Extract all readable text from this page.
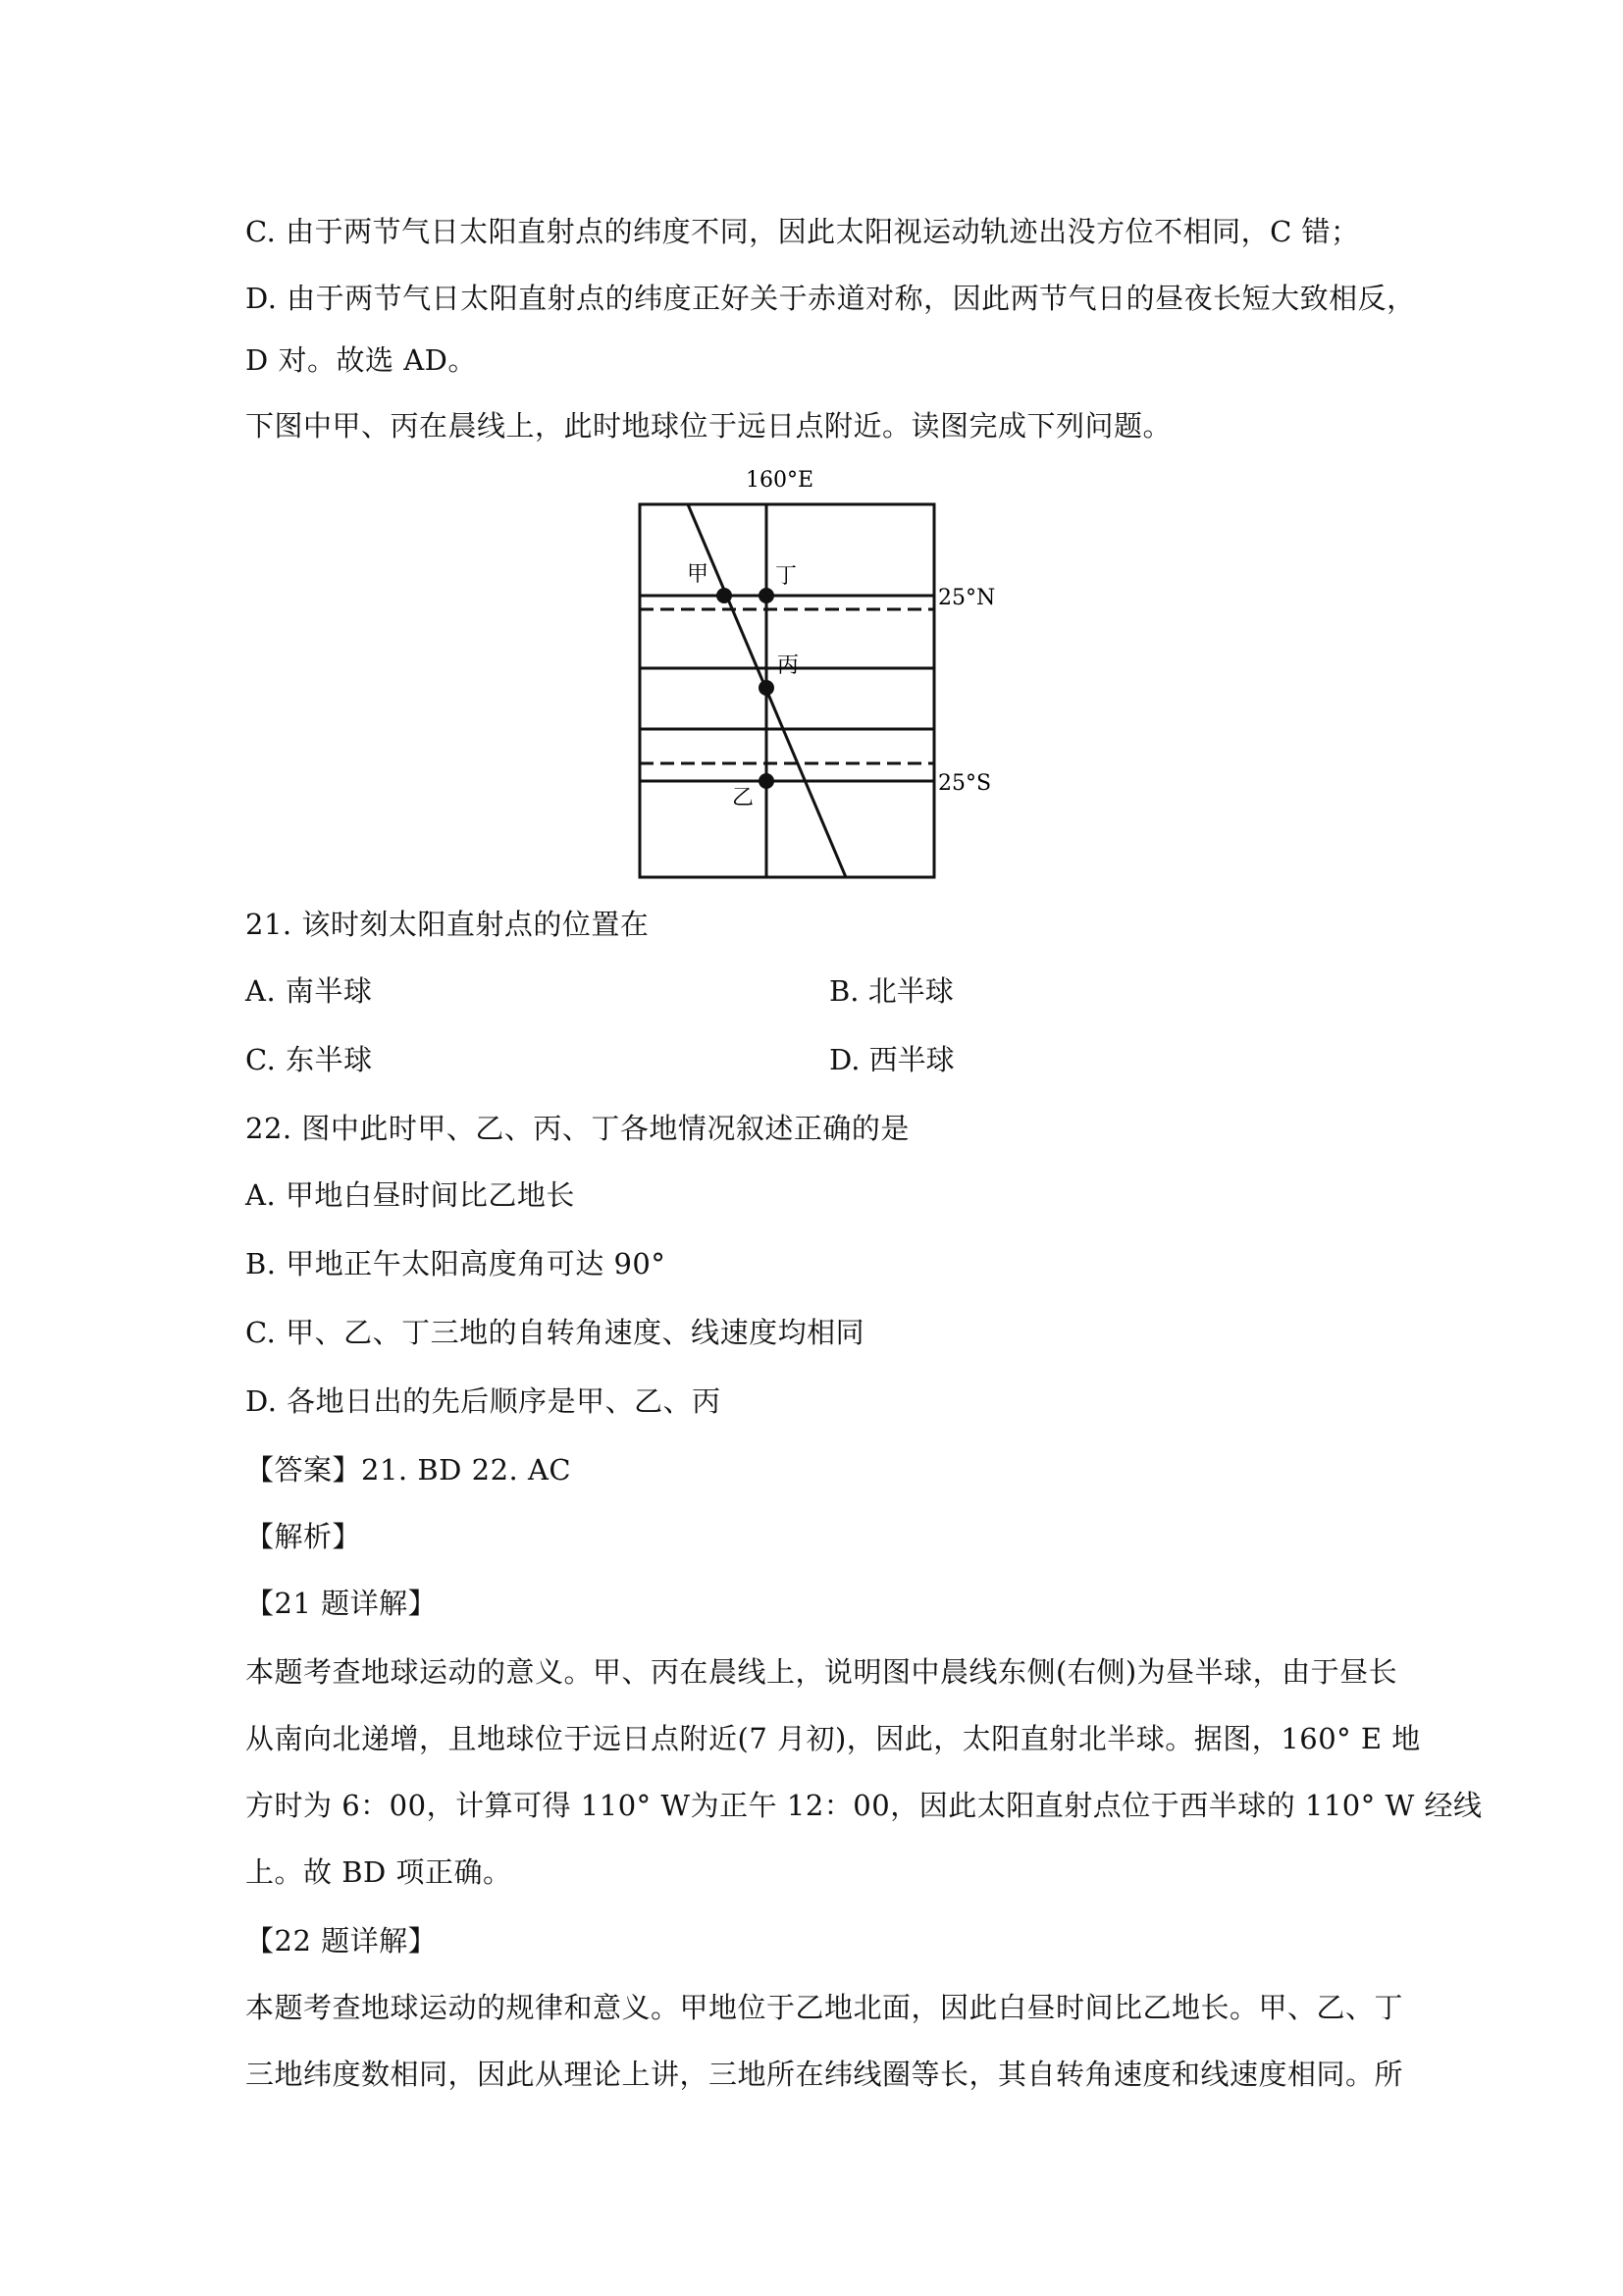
C. 由于两节气日太阳直射点的纬度不同，因此太阳视运动轨迹出没方位不相同，C 错；
D. 由于两节气日太阳直射点的纬度正好关于赤道对称，因此两节气日的昼夜长短大致相反，
D 对。故选 AD。
下图中甲、丙在晨线上，此时地球位于远日点附近。读图完成下列问题。
160°E
甲	丁
丙
乙
25°N
25°S
21. 该时刻太阳直射点的位置在
A. 南半球	B. 北半球
C. 东半球	D. 西半球
22. 图中此时甲、乙、丙、丁各地情况叙述正确的是
A. 甲地白昼时间比乙地长
B. 甲地正午太阳高度角可达 90°
C. 甲、乙、丁三地的自转角速度、线速度均相同
D. 各地日出的先后顺序是甲、乙、丙
【答案】21. BD 22. AC
【解析】
【21 题详解】
本题考查地球运动的意义。甲、丙在晨线上，说明图中晨线东侧(右侧)为昼半球，由于昼长
从南向北递增，且地球位于远日点附近(7 月初)，因此，太阳直射北半球。据图，160° E 地
方时为 6：00，计算可得 110° W为正午 12：00，因此太阳直射点位于西半球的 110° W 经线
上。故 BD 项正确。
【22 题详解】
本题考查地球运动的规律和意义。甲地位于乙地北面，因此白昼时间比乙地长。甲、乙、丁
三地纬度数相同，因此从理论上讲，三地所在纬线圈等长，其自转角速度和线速度相同。所
